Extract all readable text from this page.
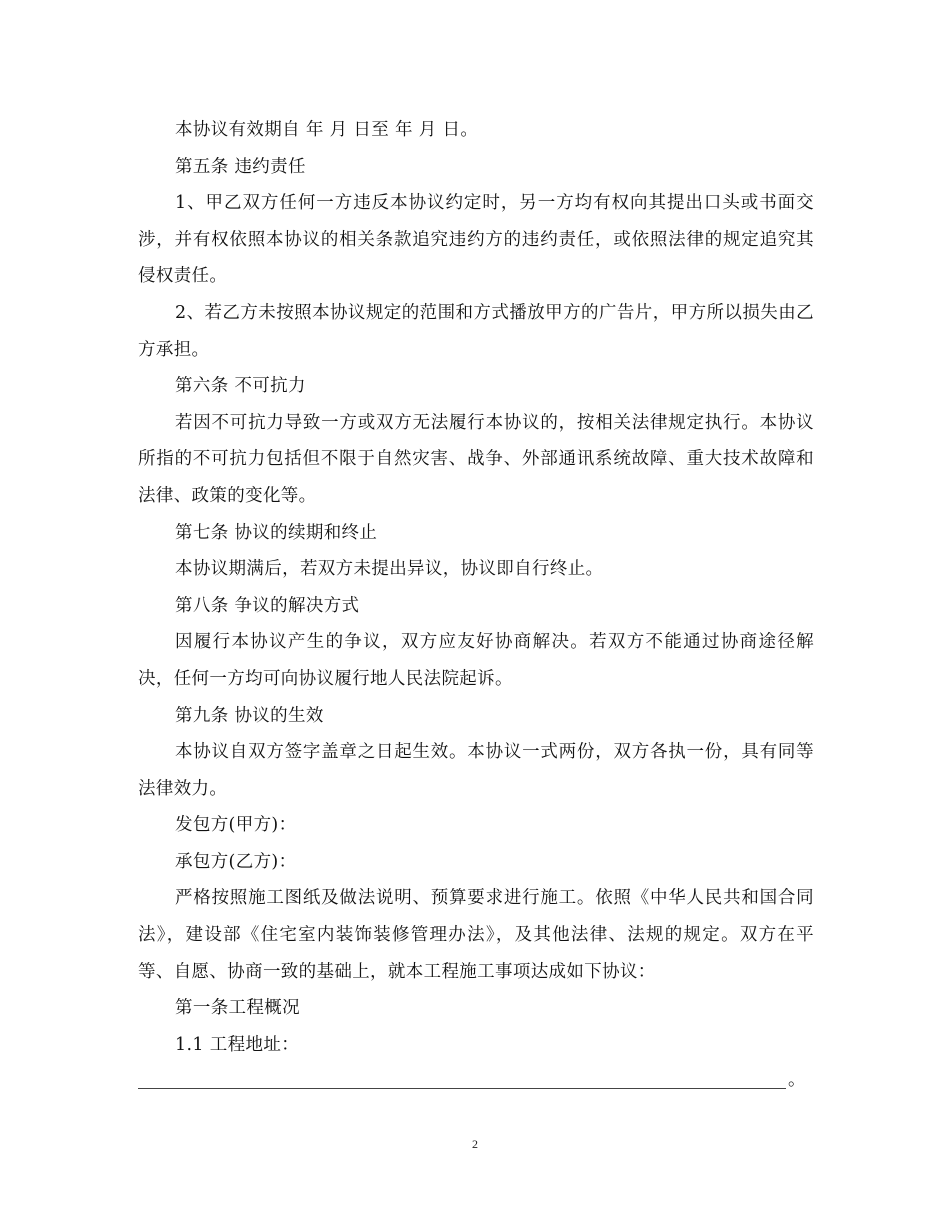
本协议有效期自 年 月 日至 年 月 日。

第五条 违约责任

1、甲乙双方任何一方违反本协议约定时，另一方均有权向其提出口头或书面交涉，并有权依照本协议的相关条款追究违约方的违约责任，或依照法律的规定追究其侵权责任。

2、若乙方未按照本协议规定的范围和方式播放甲方的广告片，甲方所以损失由乙方承担。

第六条 不可抗力

若因不可抗力导致一方或双方无法履行本协议的，按相关法律规定执行。本协议所指的不可抗力包括但不限于自然灾害、战争、外部通讯系统故障、重大技术故障和法律、政策的变化等。

第七条 协议的续期和终止

本协议期满后，若双方未提出异议，协议即自行终止。

第八条 争议的解决方式

因履行本协议产生的争议，双方应友好协商解决。若双方不能通过协商途径解决，任何一方均可向协议履行地人民法院起诉。

第九条 协议的生效

本协议自双方签字盖章之日起生效。本协议一式两份，双方各执一份，具有同等法律效力。

发包方(甲方)：

承包方(乙方)：

严格按照施工图纸及做法说明、预算要求进行施工。依照《中华人民共和国合同法》，建设部《住宅室内装饰装修管理办法》，及其他法律、法规的规定。双方在平等、自愿、协商一致的基础上，就本工程施工事项达成如下协议：

第一条工程概况

1.1 工程地址：

。
2
